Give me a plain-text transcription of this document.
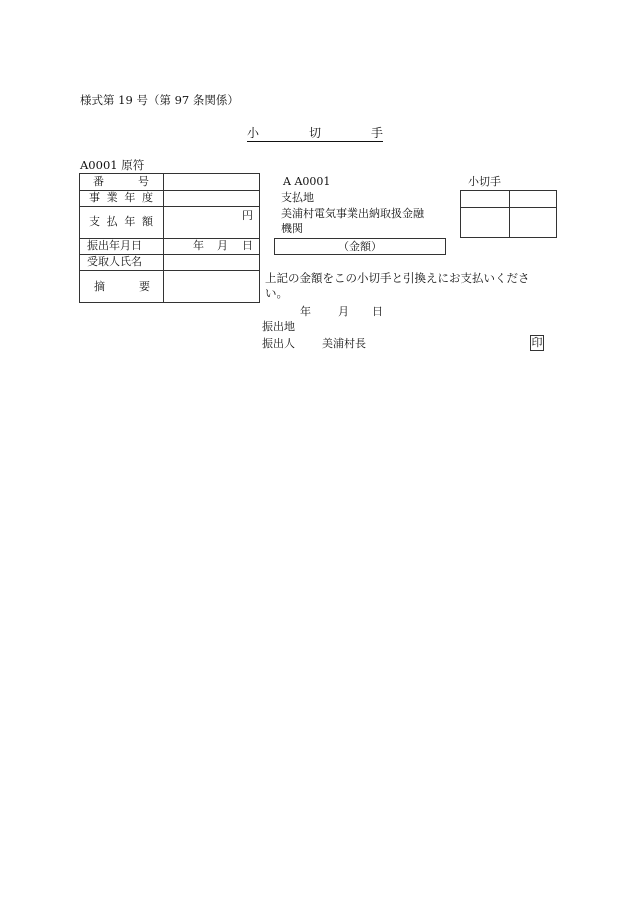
様式第 19 号（第 97 条関係）
小	切	手
A0001 原符
番	号
事 業 年 度
支 払 年 額	円
振出年月日	年 月 日
受取人氏名
摘	要
A A0001
支払地
美浦村電気事業出納取扱金融
機関
（金額）
小切手
上記の金額をこの小切手と引換えにお支払いくださ
い。
年 月 日
振出地
振出人 美浦村長	印
